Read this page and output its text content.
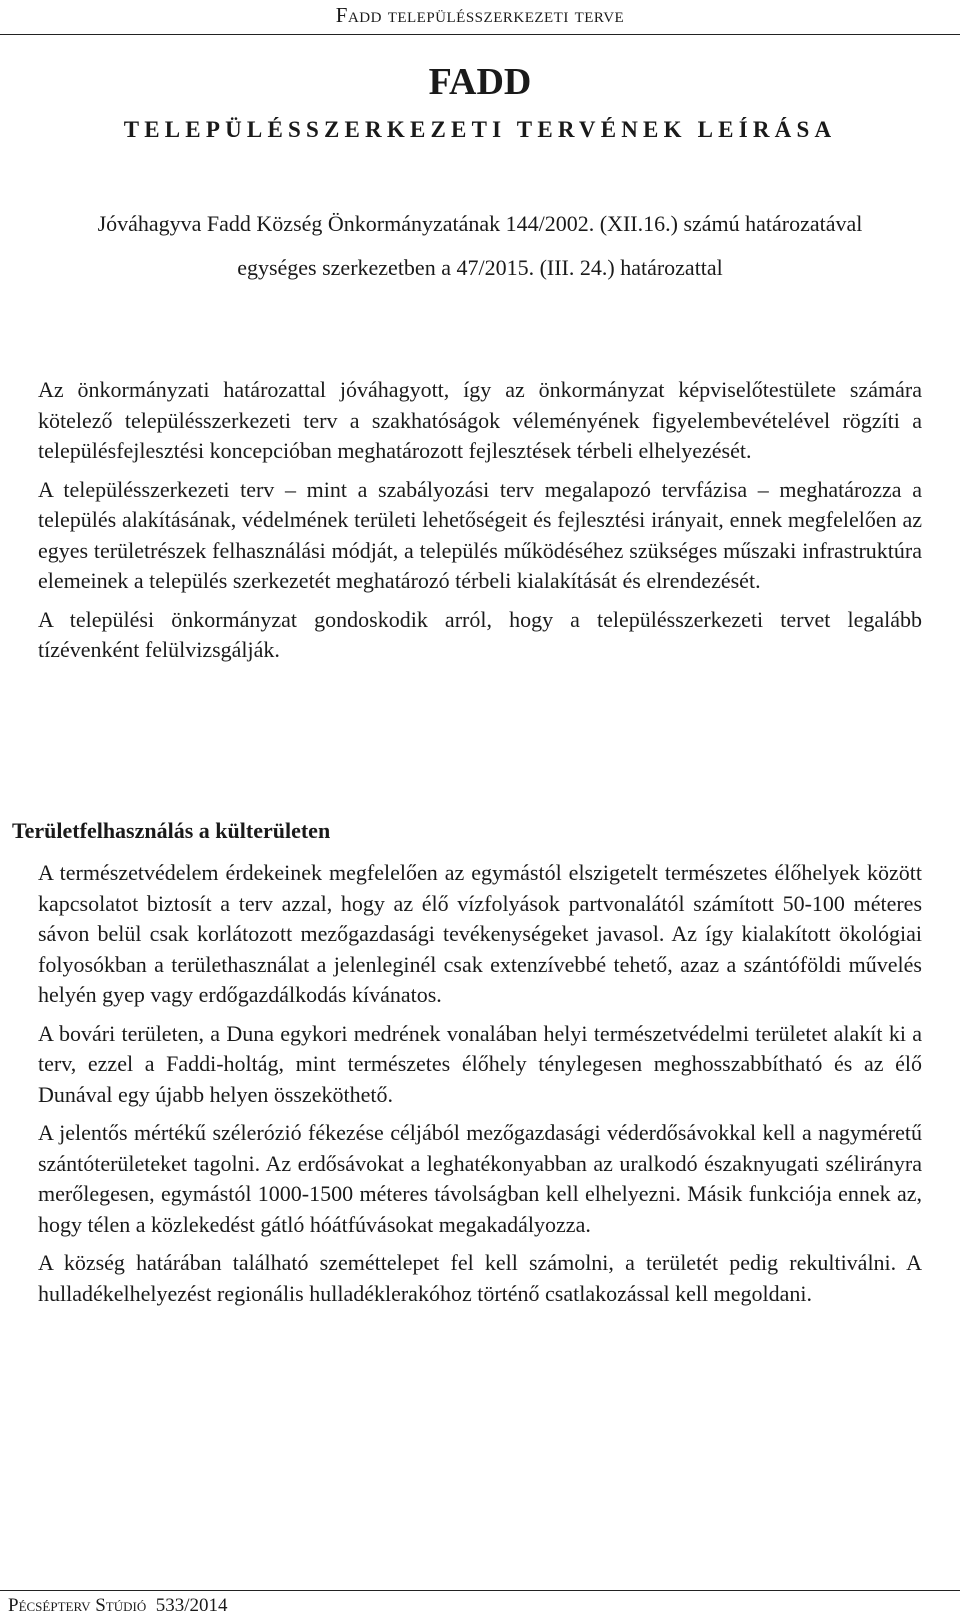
Fadd településszerkezeti terve
FADD
TELEPÜLÉSSZERKEZETI TERVÉNEK LEÍRÁSA

Jóváhagyva Fadd Község Önkormányzatának 144/2002. (XII.16.) számú határozatával

egységes szerkezetben a 47/2015. (III. 24.) határozattal

Az önkormányzati határozattal jóváhagyott, így az önkormányzat képviselőtestülete számára kötelező településszerkezeti terv a szakhatóságok véleményének figyelembevételével rögzíti a településfejlesztési koncepcióban meghatározott fejlesztések térbeli elhelyezését.

A településszerkezeti terv – mint a szabályozási terv megalapozó tervfázisa – meghatározza a település alakításának, védelmének területi lehetőségeit és fejlesztési irányait, ennek megfelelően az egyes területrészek felhasználási módját, a település működéséhez szükséges műszaki infrastruktúra elemeinek a település szerkezetét meghatározó térbeli kialakítását és elrendezését.

A települési önkormányzat gondoskodik arról, hogy a településszerkezeti tervet legalább tízévenként felülvizsgálják.

Területfelhasználás a külterületen

A természetvédelem érdekeinek megfelelően az egymástól elszigetelt természetes élőhelyek között kapcsolatot biztosít a terv azzal, hogy az élő vízfolyások partvonalától számított 50-100 méteres sávon belül csak korlátozott mezőgazdasági tevékenységeket javasol. Az így kialakított ökológiai folyosókban a területhasználat a jelenleginél csak extenzívebbé tehető, azaz a szántóföldi művelés helyén gyep vagy erdőgazdálkodás kívánatos.

A bovári területen, a Duna egykori medrének vonalában helyi természetvédelmi területet alakít ki a terv, ezzel a Faddi-holtág, mint természetes élőhely ténylegesen meghosszabbítható és az élő Dunával egy újabb helyen összeköthető.

A jelentős mértékű szélerózió fékezése céljából mezőgazdasági véderdősávokkal kell a nagyméretű szántóterületeket tagolni. Az erdősávokat a leghatékonyabban az uralkodó északnyugati szélirányra merőlegesen, egymástól 1000-1500 méteres távolságban kell elhelyezni. Másik funkciója ennek az, hogy télen a közlekedést gátló hóátfúvásokat megakadályozza.

A község határában található szeméttelepet fel kell számolni, a területét pedig rekultiválni. A hulladékelhelyezést regionális hulladéklerakóhoz történő csatlakozással kell megoldani.

Pécsépterv Stúdió  533/2014
